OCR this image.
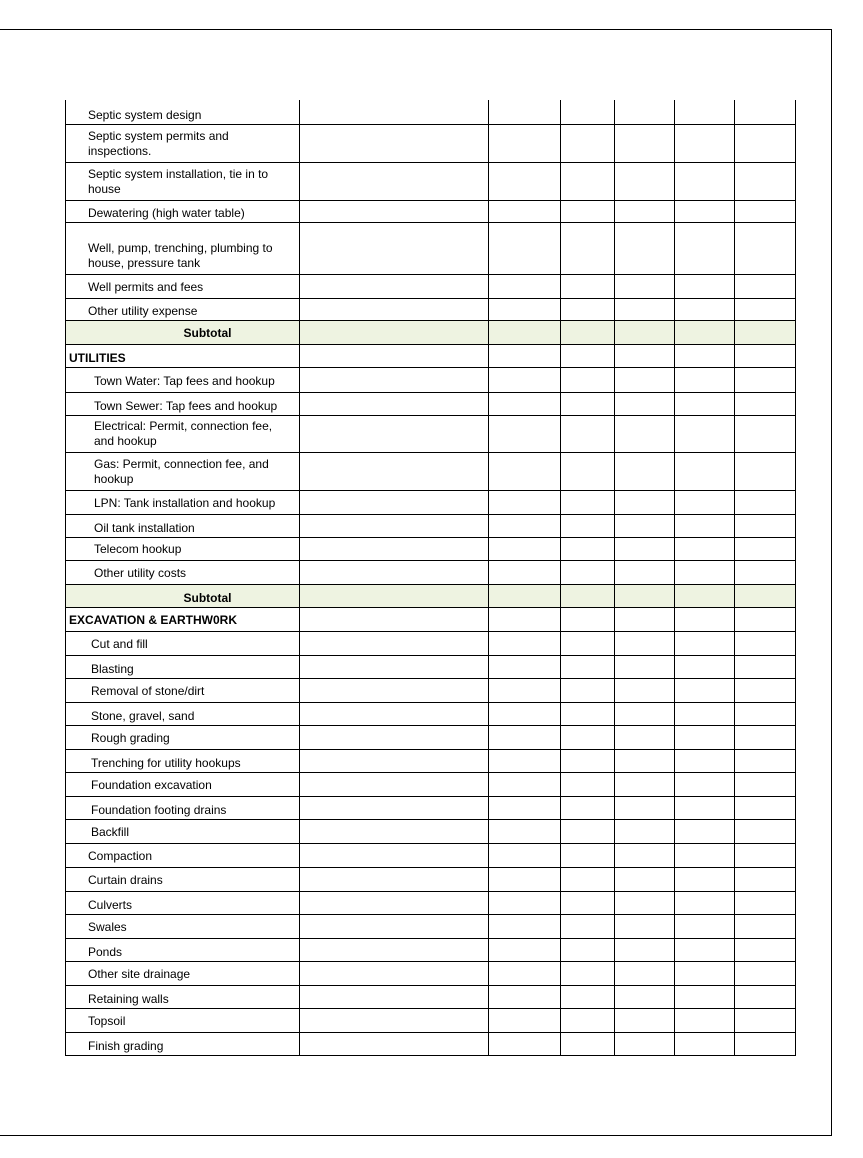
Septic system design						
Septic system permits and inspections.						
Septic system installation, tie in to house						
Dewatering (high water table)						
Well, pump, trenching, plumbing to house, pressure tank						
Well permits and fees						
Other utility expense						
Subtotal						
UTILITIES						
Town Water: Tap fees and hookup						
Town Sewer: Tap fees and hookup						
Electrical: Permit, connection fee, and hookup						
Gas: Permit, connection fee, and hookup						
LPN: Tank installation and hookup						
Oil tank installation						
Telecom hookup						
Other utility costs						
Subtotal						
EXCAVATION & EARTHW0RK						
Cut and fill						
Blasting						
Removal of stone/dirt						
Stone, gravel, sand						
Rough grading						
Trenching for utility hookups						
Foundation excavation						
Foundation footing drains						
Backfill						
Compaction						
Curtain drains						
Culverts						
Swales						
Ponds						
Other site drainage						
Retaining walls						
Topsoil						
Finish grading						
